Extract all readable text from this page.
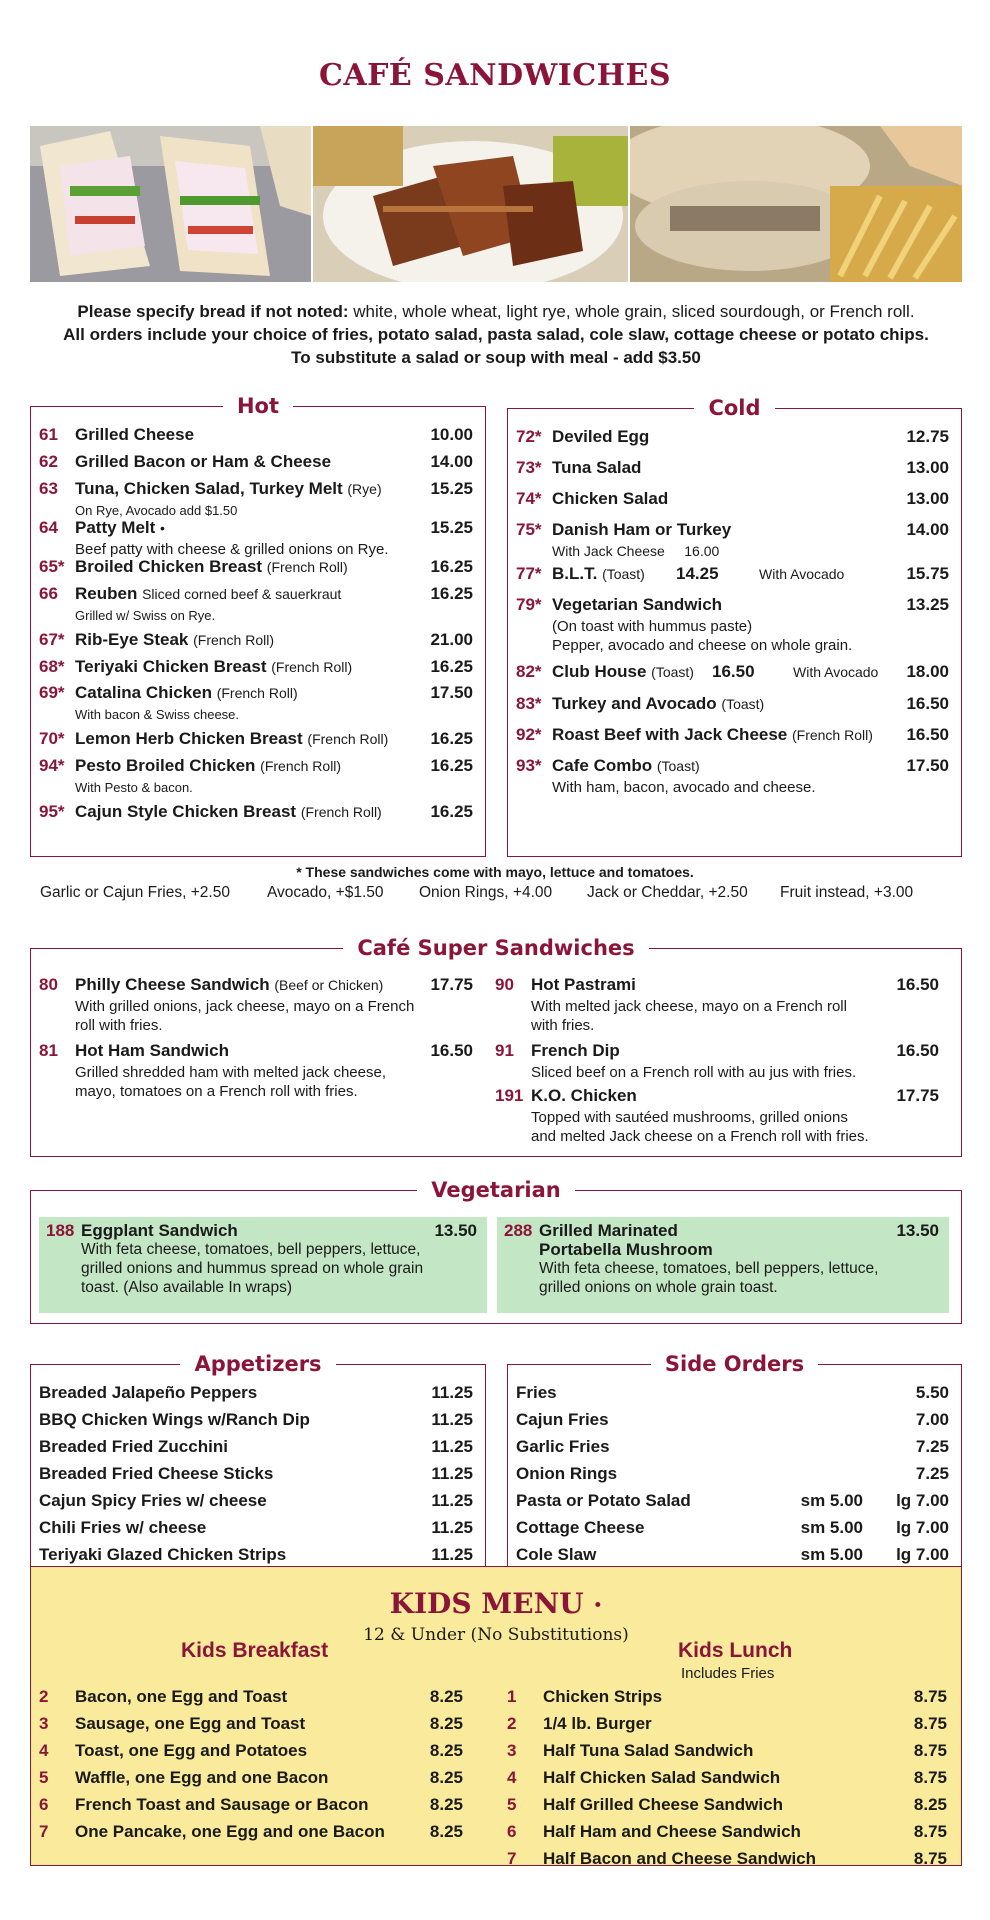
CAFÉ SANDWICHES
Please specify bread if not noted: white, whole wheat, light rye, whole grain, sliced sourdough, or French roll.
All orders include your choice of fries, potato salad, pasta salad, cole slaw, cottage cheese or potato chips.
To substitute a salad or soup with meal - add $3.50
Hot
61 Grilled Cheese	10.00
62 Grilled Bacon or Ham & Cheese	14.00
63 Tuna, Chicken Salad, Turkey Melt (Rye)	15.25
On Rye, Avocado add $1.50
64 Patty Melt •	15.25
Beef patty with cheese & grilled onions on Rye.
65* Broiled Chicken Breast (French Roll)	16.25
66 Reuben Sliced corned beef & sauerkraut	16.25
Grilled w/ Swiss on Rye.
67* Rib-Eye Steak (French Roll)	21.00
68* Teriyaki Chicken Breast (French Roll)	16.25
69* Catalina Chicken (French Roll)	17.50
With bacon & Swiss cheese.
70* Lemon Herb Chicken Breast (French Roll) 16.25
94* Pesto Broiled Chicken (French Roll)	16.25
With Pesto & bacon.
95* Cajun Style Chicken Breast (French Roll)	16.25
Cold
72* Deviled Egg	12.75
73* Tuna Salad	13.00
74* Chicken Salad	13.00
75* Danish Ham or Turkey	14.00
With Jack Cheese     16.00
77* B.L.T. (Toast) 14.25	With Avocado	15.75
79* Vegetarian Sandwich	13.25
(On toast with hummus paste)
Pepper, avocado and cheese on whole grain.
82* Club House (Toast) 16.50	With Avocado 18.00
83* Turkey and Avocado (Toast)	16.50
92* Roast Beef with Jack Cheese (French Roll) 16.50
93* Cafe Combo (Toast)	17.50
With ham, bacon, avocado and cheese.
* These sandwiches come with mayo, lettuce and tomatoes.
Garlic or Cajun Fries, +2.50 Avocado, +$1.50 Onion Rings, +4.00 Jack or Cheddar, +2.50 Fruit instead, +3.00
Café Super Sandwiches
80 Philly Cheese Sandwich (Beef or Chicken)	17.75
With grilled onions, jack cheese, mayo on a French
roll with fries.
81 Hot Ham Sandwich	16.50
Grilled shredded ham with melted jack cheese,
mayo, tomatoes on a French roll with fries.
90 Hot Pastrami	16.50
With melted jack cheese, mayo on a French roll
with fries.
91 French Dip	16.50
Sliced beef on a French roll with au jus with fries.
191 K.O. Chicken	17.75
Topped with sautéed mushrooms, grilled onions
and melted Jack cheese on a French roll with fries.
Vegetarian
188 Eggplant Sandwich	13.50
With feta cheese, tomatoes, bell peppers, lettuce,
grilled onions and hummus spread on whole grain
toast. (Also available In wraps)
288 Grilled Marinated
Portabella Mushroom
13.50
With feta cheese, tomatoes, bell peppers, lettuce,
grilled onions on whole grain toast.
Appetizers
Breaded Jalapeño Peppers	11.25
BBQ Chicken Wings w/Ranch Dip	11.25
Breaded Fried Zucchini	11.25
Breaded Fried Cheese Sticks	11.25
Cajun Spicy Fries w/ cheese	11.25
Chili Fries w/ cheese	11.25
Teriyaki Glazed Chicken Strips	11.25
Side Orders
Fries	5.50
Cajun Fries	7.00
Garlic Fries	7.25
Onion Rings	7.25
Pasta or Potato Salad	sm 5.00 lg 7.00
Cottage Cheese	sm 5.00 lg 7.00
Cole Slaw	sm 5.00 lg 7.00
KIDS MENU •
12 & Under (No Substitutions)
Kids Breakfast	Kids Lunch
Includes Fries
2 Bacon, one Egg and Toast	8.25
3 Sausage, one Egg and Toast	8.25
4 Toast, one Egg and Potatoes	8.25
5 Waffle, one Egg and one Bacon	8.25
6 French Toast and Sausage or Bacon	8.25
7 One Pancake, one Egg and one Bacon	8.25
1 Chicken Strips	8.75
2 1/4 lb. Burger	8.75
3 Half Tuna Salad Sandwich	8.75
4 Half Chicken Salad Sandwich	8.75
5 Half Grilled Cheese Sandwich	8.25
6 Half Ham and Cheese Sandwich	8.75
7 Half Bacon and Cheese Sandwich	8.75
